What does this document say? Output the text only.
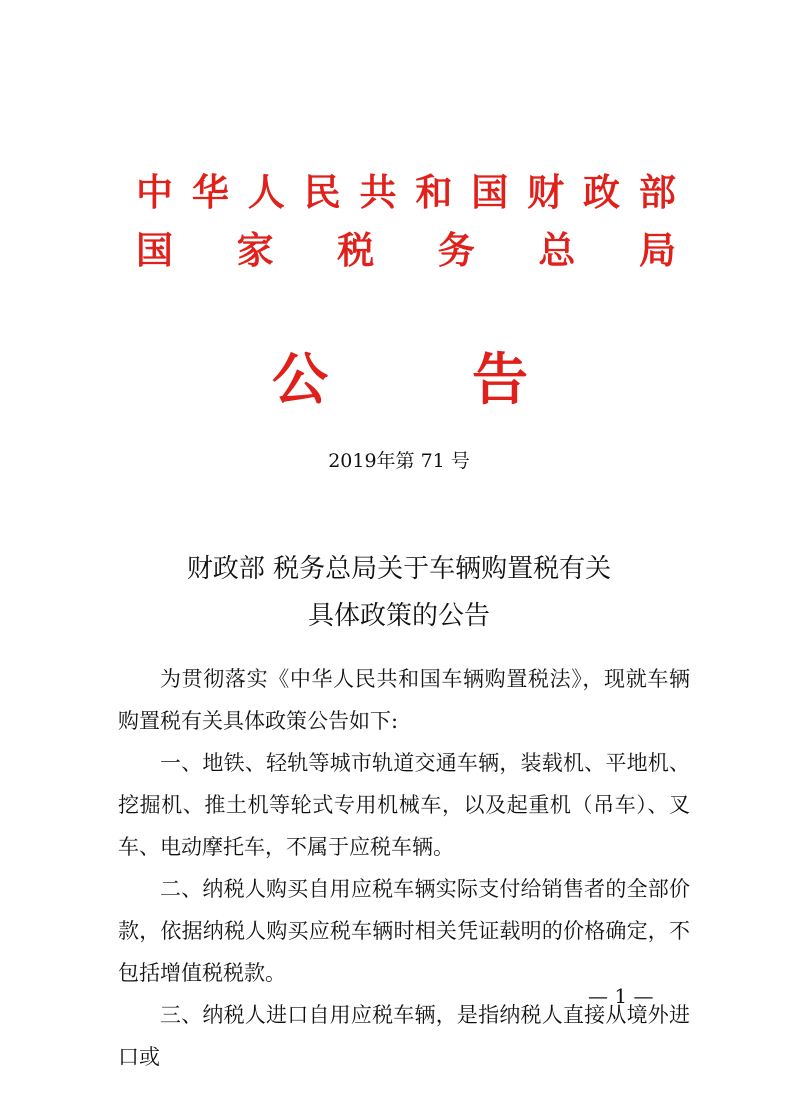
中 华 人 民 共 和 国 财 政 部
国 家 税 务 总 局
公	告
2019年第 71 号
财政部 税务总局关于车辆购置税有关
具体政策的公告

为贯彻落实《中华人民共和国车辆购置税法》，现就车辆购置税有关具体政策公告如下:

一、地铁、轻轨等城市轨道交通车辆，装载机、平地机、挖掘机、推土机等轮式专用机械车，以及起重机（吊车）、叉车、电动摩托车，不属于应税车辆。

二、纳税人购买自用应税车辆实际支付给销售者的全部价款，依据纳税人购买应税车辆时相关凭证载明的价格确定，不包括增值税税款。

三、纳税人进口自用应税车辆，是指纳税人直接从境外进口或

— 1 —
